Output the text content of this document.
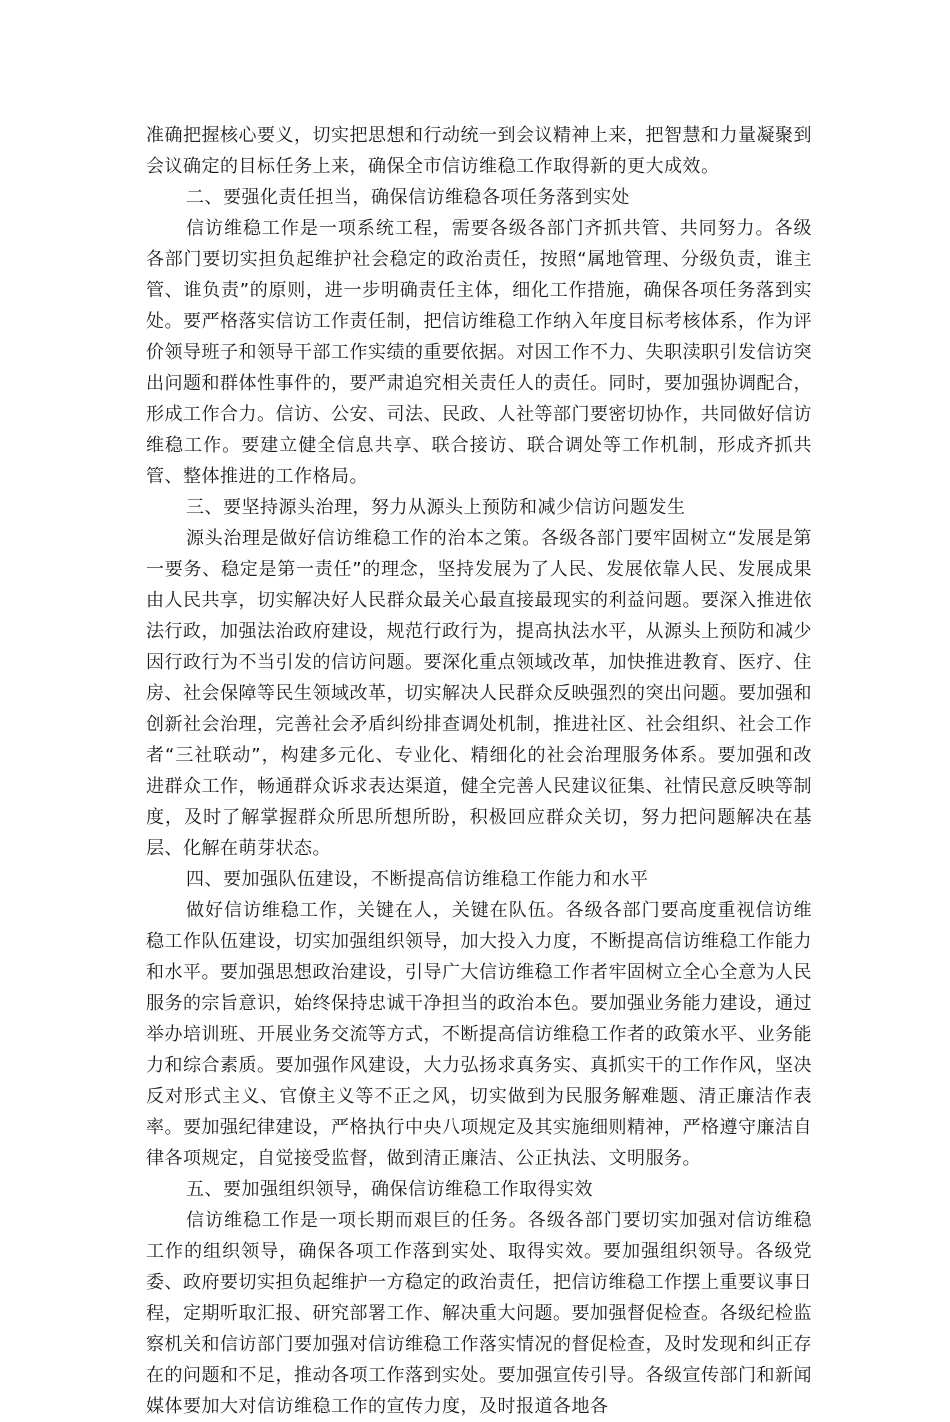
准确把握核心要义，切实把思想和行动统一到会议精神上来，把智慧和力量凝聚到会议确定的目标任务上来，确保全市信访维稳工作取得新的更大成效。

二、要强化责任担当，确保信访维稳各项任务落到实处

信访维稳工作是一项系统工程，需要各级各部门齐抓共管、共同努力。各级各部门要切实担负起维护社会稳定的政治责任，按照“属地管理、分级负责，谁主管、谁负责”的原则，进一步明确责任主体，细化工作措施，确保各项任务落到实处。要严格落实信访工作责任制，把信访维稳工作纳入年度目标考核体系，作为评价领导班子和领导干部工作实绩的重要依据。对因工作不力、失职渎职引发信访突出问题和群体性事件的，要严肃追究相关责任人的责任。同时，要加强协调配合，形成工作合力。信访、公安、司法、民政、人社等部门要密切协作，共同做好信访维稳工作。要建立健全信息共享、联合接访、联合调处等工作机制，形成齐抓共管、整体推进的工作格局。

三、要坚持源头治理，努力从源头上预防和减少信访问题发生

源头治理是做好信访维稳工作的治本之策。各级各部门要牢固树立“发展是第一要务、稳定是第一责任”的理念，坚持发展为了人民、发展依靠人民、发展成果由人民共享，切实解决好人民群众最关心最直接最现实的利益问题。要深入推进依法行政，加强法治政府建设，规范行政行为，提高执法水平，从源头上预防和减少因行政行为不当引发的信访问题。要深化重点领域改革，加快推进教育、医疗、住房、社会保障等民生领域改革，切实解决人民群众反映强烈的突出问题。要加强和创新社会治理，完善社会矛盾纠纷排查调处机制，推进社区、社会组织、社会工作者“三社联动”，构建多元化、专业化、精细化的社会治理服务体系。要加强和改进群众工作，畅通群众诉求表达渠道，健全完善人民建议征集、社情民意反映等制度，及时了解掌握群众所思所想所盼，积极回应群众关切，努力把问题解决在基层、化解在萌芽状态。

四、要加强队伍建设，不断提高信访维稳工作能力和水平

做好信访维稳工作，关键在人，关键在队伍。各级各部门要高度重视信访维稳工作队伍建设，切实加强组织领导，加大投入力度，不断提高信访维稳工作能力和水平。要加强思想政治建设，引导广大信访维稳工作者牢固树立全心全意为人民服务的宗旨意识，始终保持忠诚干净担当的政治本色。要加强业务能力建设，通过举办培训班、开展业务交流等方式，不断提高信访维稳工作者的政策水平、业务能力和综合素质。要加强作风建设，大力弘扬求真务实、真抓实干的工作作风，坚决反对形式主义、官僚主义等不正之风，切实做到为民服务解难题、清正廉洁作表率。要加强纪律建设，严格执行中央八项规定及其实施细则精神，严格遵守廉洁自律各项规定，自觉接受监督，做到清正廉洁、公正执法、文明服务。

五、要加强组织领导，确保信访维稳工作取得实效

信访维稳工作是一项长期而艰巨的任务。各级各部门要切实加强对信访维稳工作的组织领导，确保各项工作落到实处、取得实效。要加强组织领导。各级党委、政府要切实担负起维护一方稳定的政治责任，把信访维稳工作摆上重要议事日程，定期听取汇报、研究部署工作、解决重大问题。要加强督促检查。各级纪检监察机关和信访部门要加强对信访维稳工作落实情况的督促检查，及时发现和纠正存在的问题和不足，推动各项工作落到实处。要加强宣传引导。各级宣传部门和新闻媒体要加大对信访维稳工作的宣传力度，及时报道各地各
